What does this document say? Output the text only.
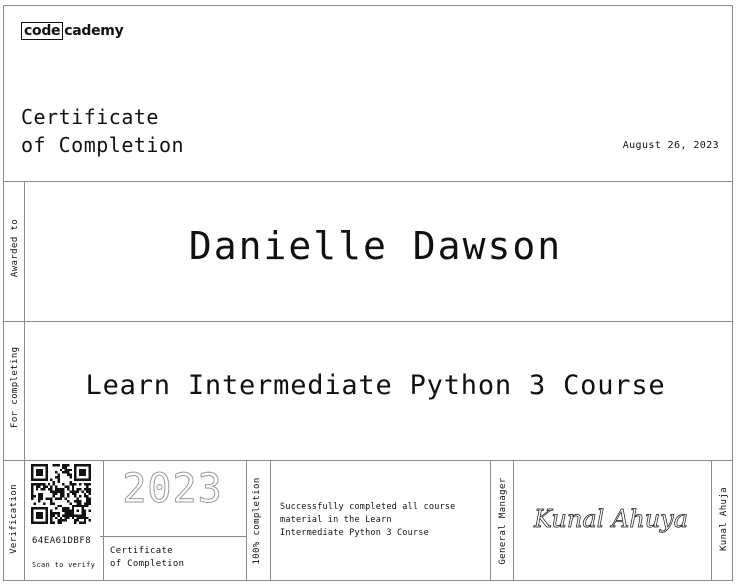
code cademy
Certificate
of Completion	August 26, 2023
Awarded to
For completing
Verification
Danielle Dawson
Learn Intermediate Python 3 Course
64EA61DBF8
Scan to verify
2023
Certificate
of Completion	100% completion Successfully completed all course
material in the Learn
Intermediate Python 3 Course	General Manager Kunal Ahuya	Kunal Ahuja
